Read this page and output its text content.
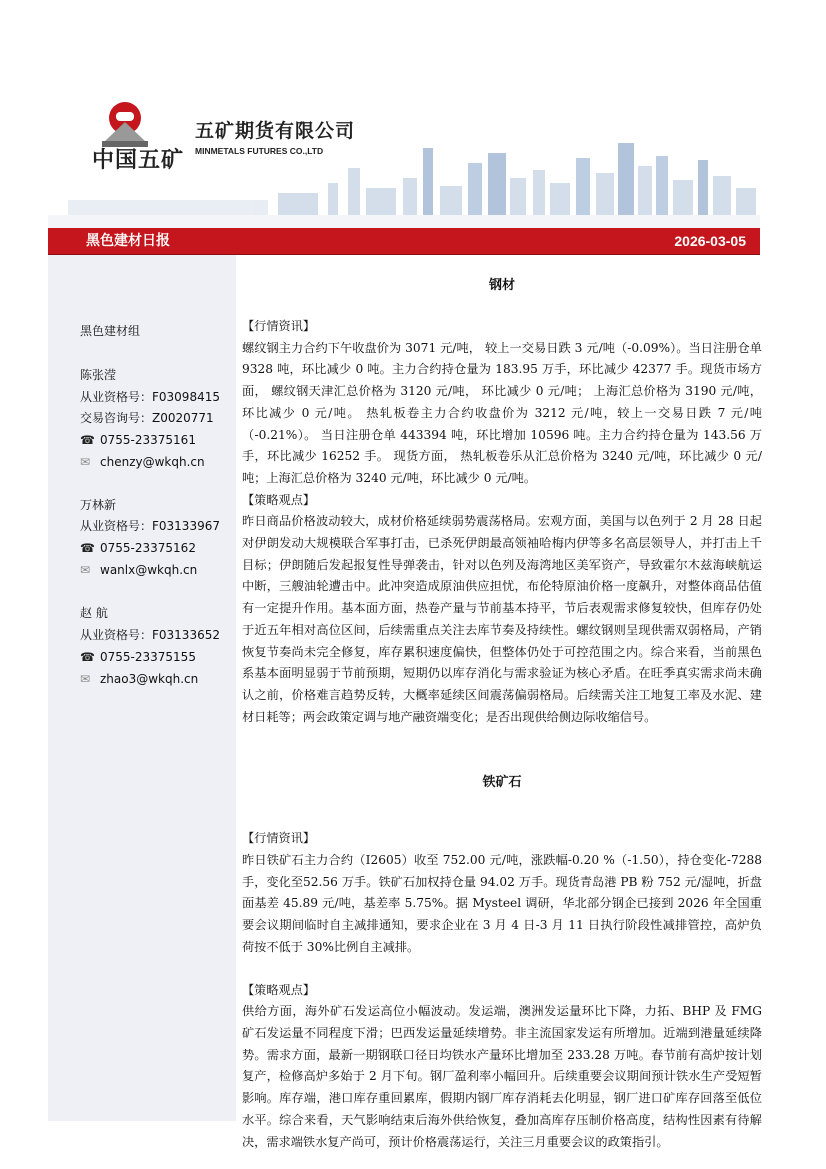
中国五矿
五矿期货有限公司
MINMETALS FUTURES CO.,LTD
黑色建材日报	2026-03-05
黑色建材组
陈张滢
从业资格号：F03098415
交易咨询号：Z0020771
☎ 0755-23375161
✉ chenzy@wkqh.cn
万林新
从业资格号：F03133967
☎ 0755-23375162
✉ wanlx@wkqh.cn
赵 航
从业资格号：F03133652
☎ 0755-23375155
✉ zhao3@wkqh.cn
钢材
【行情资讯】
螺纹钢主力合约下午收盘价为 3071 元/吨， 较上一交易日跌 3 元/吨（-0.09%）。当日注册仓单 9328 吨，环比减少 0 吨。主力合约持仓量为 183.95 万手，环比减少 42377 手。现货市场方面， 螺纹钢天津汇总价格为 3120 元/吨， 环比减少 0 元/吨； 上海汇总价格为 3190 元/吨， 环比减少 0 元/吨。 热轧板卷主力合约收盘价为 3212 元/吨，较上一交易日跌 7 元/吨（-0.21%）。 当日注册仓单 443394 吨，环比增加 10596 吨。主力合约持仓量为 143.56 万手，环比减少 16252 手。 现货方面， 热轧板卷乐从汇总价格为 3240 元/吨，环比减少 0 元/吨；上海汇总价格为 3240 元/吨，环比减少 0 元/吨。
【策略观点】
昨日商品价格波动较大，成材价格延续弱势震荡格局。宏观方面，美国与以色列于 2 月 28 日起对伊朗发动大规模联合军事打击，已杀死伊朗最高领袖哈梅内伊等多名高层领导人，并打击上千目标；伊朗随后发起报复性导弹袭击，针对以色列及海湾地区美军资产，导致霍尔木兹海峡航运中断，三艘油轮遭击中。此冲突造成原油供应担忧，布伦特原油价格一度飙升，对整体商品估值有一定提升作用。基本面方面，热卷产量与节前基本持平，节后表观需求修复较快，但库存仍处于近五年相对高位区间，后续需重点关注去库节奏及持续性。螺纹钢则呈现供需双弱格局，产销恢复节奏尚未完全修复，库存累积速度偏快，但整体仍处于可控范围之内。综合来看，当前黑色系基本面明显弱于节前预期，短期仍以库存消化与需求验证为核心矛盾。在旺季真实需求尚未确认之前，价格难言趋势反转，大概率延续区间震荡偏弱格局。后续需关注工地复工率及水泥、建材日耗等；两会政策定调与地产融资端变化；是否出现供给侧边际收缩信号。
铁矿石
【行情资讯】
昨日铁矿石主力合约（I2605）收至 752.00 元/吨，涨跌幅-0.20 %（-1.50），持仓变化-7288 手，变化至52.56 万手。铁矿石加权持仓量 94.02 万手。现货青岛港 PB 粉 752 元/湿吨，折盘面基差 45.89 元/吨，基差率 5.75%。据 Mysteel 调研，华北部分钢企已接到 2026 年全国重要会议期间临时自主减排通知，要求企业在 3 月 4 日-3 月 11 日执行阶段性减排管控，高炉负荷按不低于 30%比例自主减排。
【策略观点】
供给方面，海外矿石发运高位小幅波动。发运端，澳洲发运量环比下降，力拓、BHP 及 FMG 矿石发运量不同程度下滑；巴西发运量延续增势。非主流国家发运有所增加。近端到港量延续降势。需求方面，最新一期钢联口径日均铁水产量环比增加至 233.28 万吨。春节前有高炉按计划复产，检修高炉多始于 2 月下旬。钢厂盈利率小幅回升。后续重要会议期间预计铁水生产受短暂影响。库存端，港口库存重回累库，假期内钢厂库存消耗去化明显，钢厂进口矿库存回落至低位水平。综合来看，天气影响结束后海外供给恢复，叠加高库存压制价格高度，结构性因素有待解决，需求端铁水复产尚可，预计价格震荡运行，关注三月重要会议的政策指引。
